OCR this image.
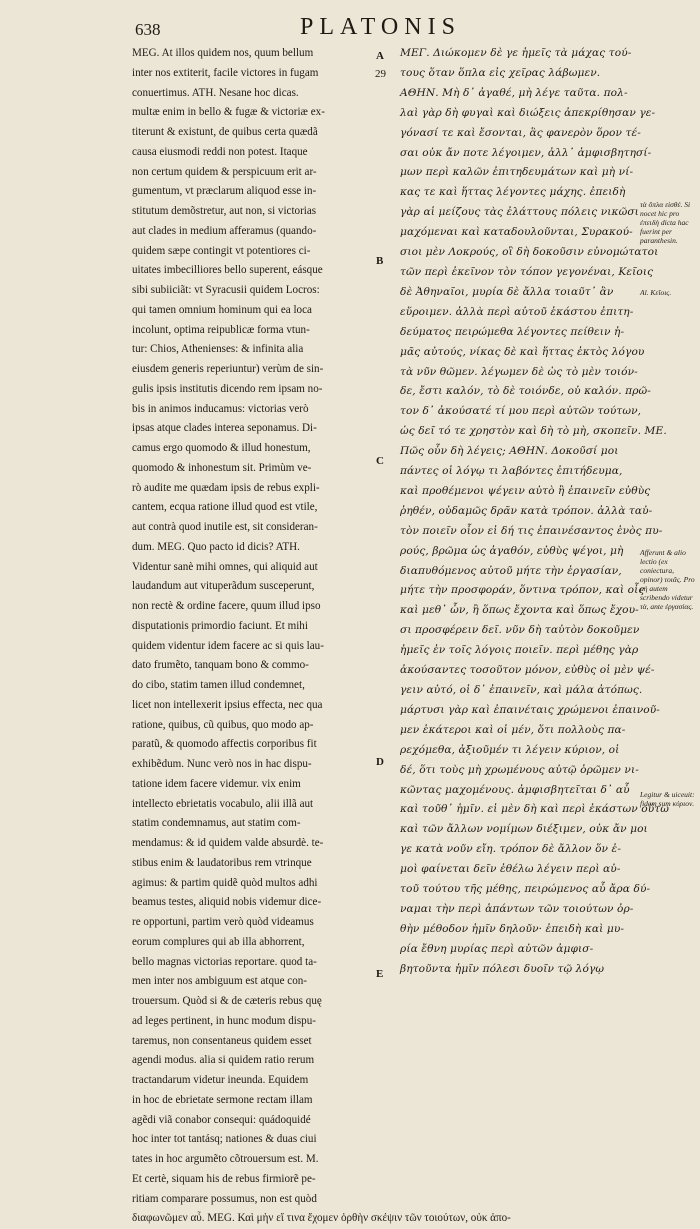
638	PLATONIS
MEG. At illos quidem nos, quum bellum
inter nos extiterit, facile victores in fugam
conuertimus. ATH. Nesane hoc dicas.
multæ enim in bello & fugæ & victoriæ ex-
titerunt & existunt, de quibus certa quædã
causa eiusmodi reddi non potest. Itaque
non certum quidem & perspicuum erit ar-
gumentum, vt præclarum aliquod esse in-
stitutum demõstretur, aut non, si victorias
aut clades in medium afferamus (quando-
quidem sæpe contingit vt potentiores ci-
uitates imbecilliores bello superent, eásque
sibi subiiciãt: vt Syracusii quidem Locros:
qui tamen omnium hominum qui ea loca
incolunt, optima reipublicæ forma vtun-
tur: Chios, Athenienses: & infinita alia
eiusdem generis reperiuntur) verùm de sin-
gulis ipsis institutis dicendo rem ipsam no-
bis in animos inducamus: victorias verò
ipsas atque clades interea seponamus. Di-
camus ergo quomodo & illud honestum,
quomodo & inhonestum sit. Primùm ve-
rò audite me quædam ipsis de rebus expli-
cantem, ecqua ratione illud quod est vtile,
aut contrà quod inutile est, sit consideran-
dum. MEG. Quo pacto id dicis? ATH.
Videntur sanè mihi omnes, qui aliquid aut
laudandum aut vituperãdum susceperunt,
non rectè & ordine facere, quum illud ipso
disputationis primordio faciunt. Et mihi
quidem videntur idem facere ac si quis lau-
dato frumẽto, tanquam bono & commo-
do cibo, statim tamen illud condemnet,
licet non intellexerit ipsius effecta, nec qua
ratione, quibus, cũ quibus, quo modo ap-
paratũ, & quomodo affectis corporibus fit
exhibẽdum. Nunc verò nos in hac dispu-
tatione idem facere videmur. vix enim
intellecto ebrietatis vocabulo, alii illã aut
statim condemnamus, aut statim com-
mendamus: & id quidem valde absurdè. te-
stibus enim & laudatoribus rem vtrinque
agimus: & partim quidẽ quòd multos adhi
beamus testes, aliquid nobis videmur dice-
re opportuni, partim verò quòd videamus
eorum complures qui ab illa abhorrent,
bello magnas victorias reportare. quod ta-
men inter nos ambiguum est atque con-
trouersum. Quòd si & de cæteris rebus quę
ad leges pertinent, in hunc modum dispu-
taremus, non consentaneus quidem esset
agendi modus. alia si quidem ratio rerum
tractandarum videtur ineunda. Equidem
in hoc de ebrietate sermone rectam illam
agẽdi viã conabor consequi: quádoquidé
hoc inter tot tantásq; nationes & duas ciui
tates in hoc argumẽto cõtrouersum est. M.
Et certè, siquam his de rebus firmiorẽ pe-
ritiam comparare possumus, non est quòd
διαφωνῶμεν αὖ. MEG. Καὶ μὴν εἴ τινα ἔχομεν ὀρθὴν σκέψιν τῶν τοιούτων, οὐκ ἀπο-
A
B
C
D
E
29
ΜΕΓ. Διώκομεν δὲ γε ἡμεῖς τὰ μάχας τού-
τους ὅταν ὅπλα εἰς χεῖρας λάβωμεν.
ΑΘΗΝ. Μὴ δ᾽ ἀγαθέ, μὴ λέγε ταῦτα. πολ-
λαὶ γὰρ δὴ φυγαὶ καὶ διώξεις ἀπεκρίθησαν γε-
γόνασί τε καὶ ἔσονται, ἃς φανερὸν ὅρον τέ-
σαι οὐκ ἄν ποτε λέγοιμεν, ἀλλ᾽ ἀμφισβητησί-
μων περὶ καλῶν ἐπιτηδευμάτων καὶ μὴ νί-
κας τε καὶ ἥττας λέγοντες μάχης. ἐπειδὴ
γὰρ αἱ μείζους τὰς ἐλάττους πόλεις νικῶσι
μαχόμεναι καὶ καταδουλοῦνται, Συρακού-
σιοι μὲν Λοκρούς, οἳ δὴ δοκοῦσιν εὐνομώτατοι
τῶν περὶ ἐκεῖνον τὸν τόπον γεγονέναι, Κεῖοις
δὲ Ἀθηναῖοι, μυρία δὲ ἄλλα τοιαῦτ᾽ ἂν
εὕροιμεν. ἀλλὰ περὶ αὐτοῦ ἑκάστου ἐπιτη-
δεύματος πειρώμεθα λέγοντες πείθειν ἡ-
μᾶς αὐτούς, νίκας δὲ καὶ ἥττας ἐκτὸς λόγου
τὰ νῦν θῶμεν. λέγωμεν δὲ ὡς τὸ μὲν τοιόν-
δε, ἔστι καλόν, τὸ δὲ τοιόνδε, οὐ καλόν. πρῶ-
τον δ᾽ ἀκούσατέ τί μου περὶ αὐτῶν τούτων,
ὡς δεῖ τό τε χρηστὸν καὶ δὴ τὸ μὴ, σκοπεῖν. ΜΕ.
Πῶς οὖν δὴ λέγεις; ΑΘΗΝ. Δοκοῦσί μοι
πάντες οἱ λόγῳ τι λαβόντες ἐπιτήδευμα,
καὶ προθέμενοι ψέγειν αὐτὸ ἢ ἐπαινεῖν εὐθὺς
ῥηθέν, οὐδαμῶς δρᾶν κατὰ τρόπον. ἀλλὰ ταὐ-
τὸν ποιεῖν οἷον εἰ δή τις ἐπαινέσαντος ἑνὸς πυ-
ρούς, βρῶμα ὡς ἀγαθόν, εὐθὺς ψέγοι, μὴ
διαπυθόμενος αὐτοῦ μήτε τὴν ἐργασίαν,
μήτε τὴν προσφοράν, ὅντινα τρόπον, καὶ οἷς
καὶ μεθ᾽ ὧν, ἢ ὅπως ἔχοντα καὶ ὅπως ἔχου-
σι προσφέρειν δεῖ. νῦν δὴ ταὐτὸν δοκοῦμεν
ἡμεῖς ἐν τοῖς λόγοις ποιεῖν. περὶ μέθης γὰρ
ἀκούσαντες τοσοῦτον μόνον, εὐθὺς οἱ μὲν ψέ-
γειν αὐτό, οἱ δ᾽ ἐπαινεῖν, καὶ μάλα ἀτόπως.
μάρτυσι γὰρ καὶ ἐπαινέταις χρώμενοι ἐπαινοῦ-
μεν ἑκάτεροι καὶ οἱ μέν, ὅτι πολλοὺς πα-
ρεχόμεθα, ἀξιοῦμέν τι λέγειν κύριον, οἱ
δέ, ὅτι τοὺς μὴ χρωμένους αὐτῷ ὁρῶμεν νι-
κῶντας μαχομένους. ἀμφισβητεῖται δ᾽ αὖ
καὶ τοῦθ᾽ ἡμῖν. εἰ μὲν δὴ καὶ περὶ ἑκάστων οὕτω
καὶ τῶν ἄλλων νομίμων διέξιμεν, οὐκ ἄν μοι
γε κατὰ νοῦν εἴη. τρόπον δὲ ἄλλον ὅν ἐ-
μοὶ φαίνεται δεῖν ἐθέλω λέγειν περὶ αὐ-
τοῦ τούτου τῆς μέθης, πειρώμενος αὖ ἄρα δύ-
ναμαι τὴν περὶ ἁπάντων τῶν τοιούτων ὀρ-
θὴν μέθοδον ἡμῖν δηλοῦν· ἐπειδὴ καὶ μυ-
ρία ἔθνη μυρίας περὶ αὐτῶν ἀμφισ-
βητοῦντα ἡμῖν πόλεσι δυοῖν τῷ λόγῳ
τὰ ὅπλα εἰσθέ. Si nocet hic pro ἐπειδὴ dicta hac fuerint per paranthesin.
Al. Κεῖοις.
Afferunt & alio lectio (ex coniectura, opinor) τοιᾶς. Pro μὴ autem scribendo videtur τὰ, ante ἐργασίας.
Legitur & uiceuit: fidem sum κύριον.
